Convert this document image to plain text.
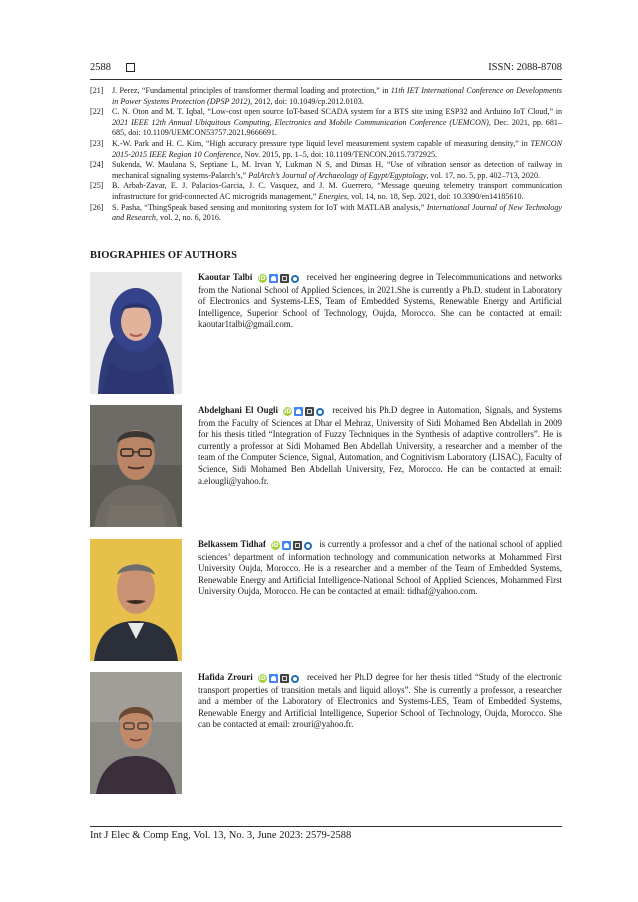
2588	ISSN: 2088-8708
[21]	J. Perez, “Fundamental principles of transformer thermal loading and protection,” in 11th IET International Conference on Developments in Power Systems Protection (DPSP 2012), 2012, doi: 10.1049/cp.2012.0103.
[22]	C. N. Oton and M. T. Iqbal, “Low-cost open source IoT-based SCADA system for a BTS site using ESP32 and Arduino IoT Cloud,” in 2021 IEEE 12th Annual Ubiquitous Computing, Electronics and Mobile Communication Conference (UEMCON), Dec. 2021, pp. 681–685, doi: 10.1109/UEMCON53757.2021.9666691.
[23]	K.-W. Park and H. C. Kim, “High accuracy pressure type liquid level measurement system capable of measuring density,” in TENCON 2015-2015 IEEE Region 10 Conference, Nov. 2015, pp. 1–5, doi: 10.1109/TENCON.2015.7372925.
[24]	Sukenda, W. Maulana S, Septiane L, M. Irvan Y, Lukman N S, and Dimas H, “Use of vibration sensor as detection of railway in mechanical signaling systems-Palarch’s,” PalArch’s Journal of Archaeology of Egypt/Egyptology, vol. 17, no. 5, pp. 402–713, 2020.
[25]	B. Arbab-Zavar, E. J. Palacios-Garcia, J. C. Vasquez, and J. M. Guerrero, “Message queuing telemetry transport communication infrastructure for grid-connected AC microgrids management,” Energies, vol. 14, no. 18, Sep. 2021, doi: 10.3390/en14185610.
[26]	S. Pasha, “ThingSpeak based sensing and monitoring system for IoT with MATLAB analysis,” International Journal of New Technology and Research, vol. 2, no. 6, 2016.
BIOGRAPHIES OF AUTHORS
Kaoutar Talbi iD	received her engineering degree in Telecommunications and networks from the National School of Applied Sciences, in 2021.She is currently a Ph.D. student in Laboratory of Electronics and Systems-LES, Team of Embedded Systems, Renewable Energy and Artificial Intelligence, Superior School of Technology, Oujda, Morocco. She can be contacted at email: kaoutar1talbi@gmail.com.
Abdelghani El Ougli iD	received his Ph.D degree in Automation, Signals, and Systems from the Faculty of Sciences at Dhar el Mehraz, University of Sidi Mohamed Ben Abdellah in 2009 for his thesis titled “Integration of Fuzzy Techniques in the Synthesis of adaptive controllers”. He is currently a professor at Sidi Mohamed Ben Abdellah University, a researcher and a member of the team of the Computer Science, Signal, Automation, and Cognitivism Laboratory (LISAC), Faculty of Science, Sidi Mohamed Ben Abdellah University, Fez, Morocco. He can be contacted at email: a.elougli@yahoo.fr.
Belkassem Tidhaf iD	is currently a professor and a chef of the national school of applied sciences’ department of information technology and communication networks at Mohammed First University Oujda, Morocco. He is a researcher and a member of the Team of Embedded Systems, Renewable Energy and Artificial Intelligence-National School of Applied Sciences, Mohammed First University Oujda, Morocco. He can be contacted at email: tidhaf@yahoo.com.
Hafida Zrouri iD	received her Ph.D degree for her thesis titled “Study of the electronic transport properties of transition metals and liquid alloys”. She is currently a professor, a researcher and a member of the Laboratory of Electronics and Systems-LES, Team of Embedded Systems, Renewable Energy and Artificial Intelligence, Superior School of Technology, Oujda, Morocco. She can be contacted at email: zrouri@yahoo.fr.
Int J Elec & Comp Eng, Vol. 13, No. 3, June 2023: 2579-2588
